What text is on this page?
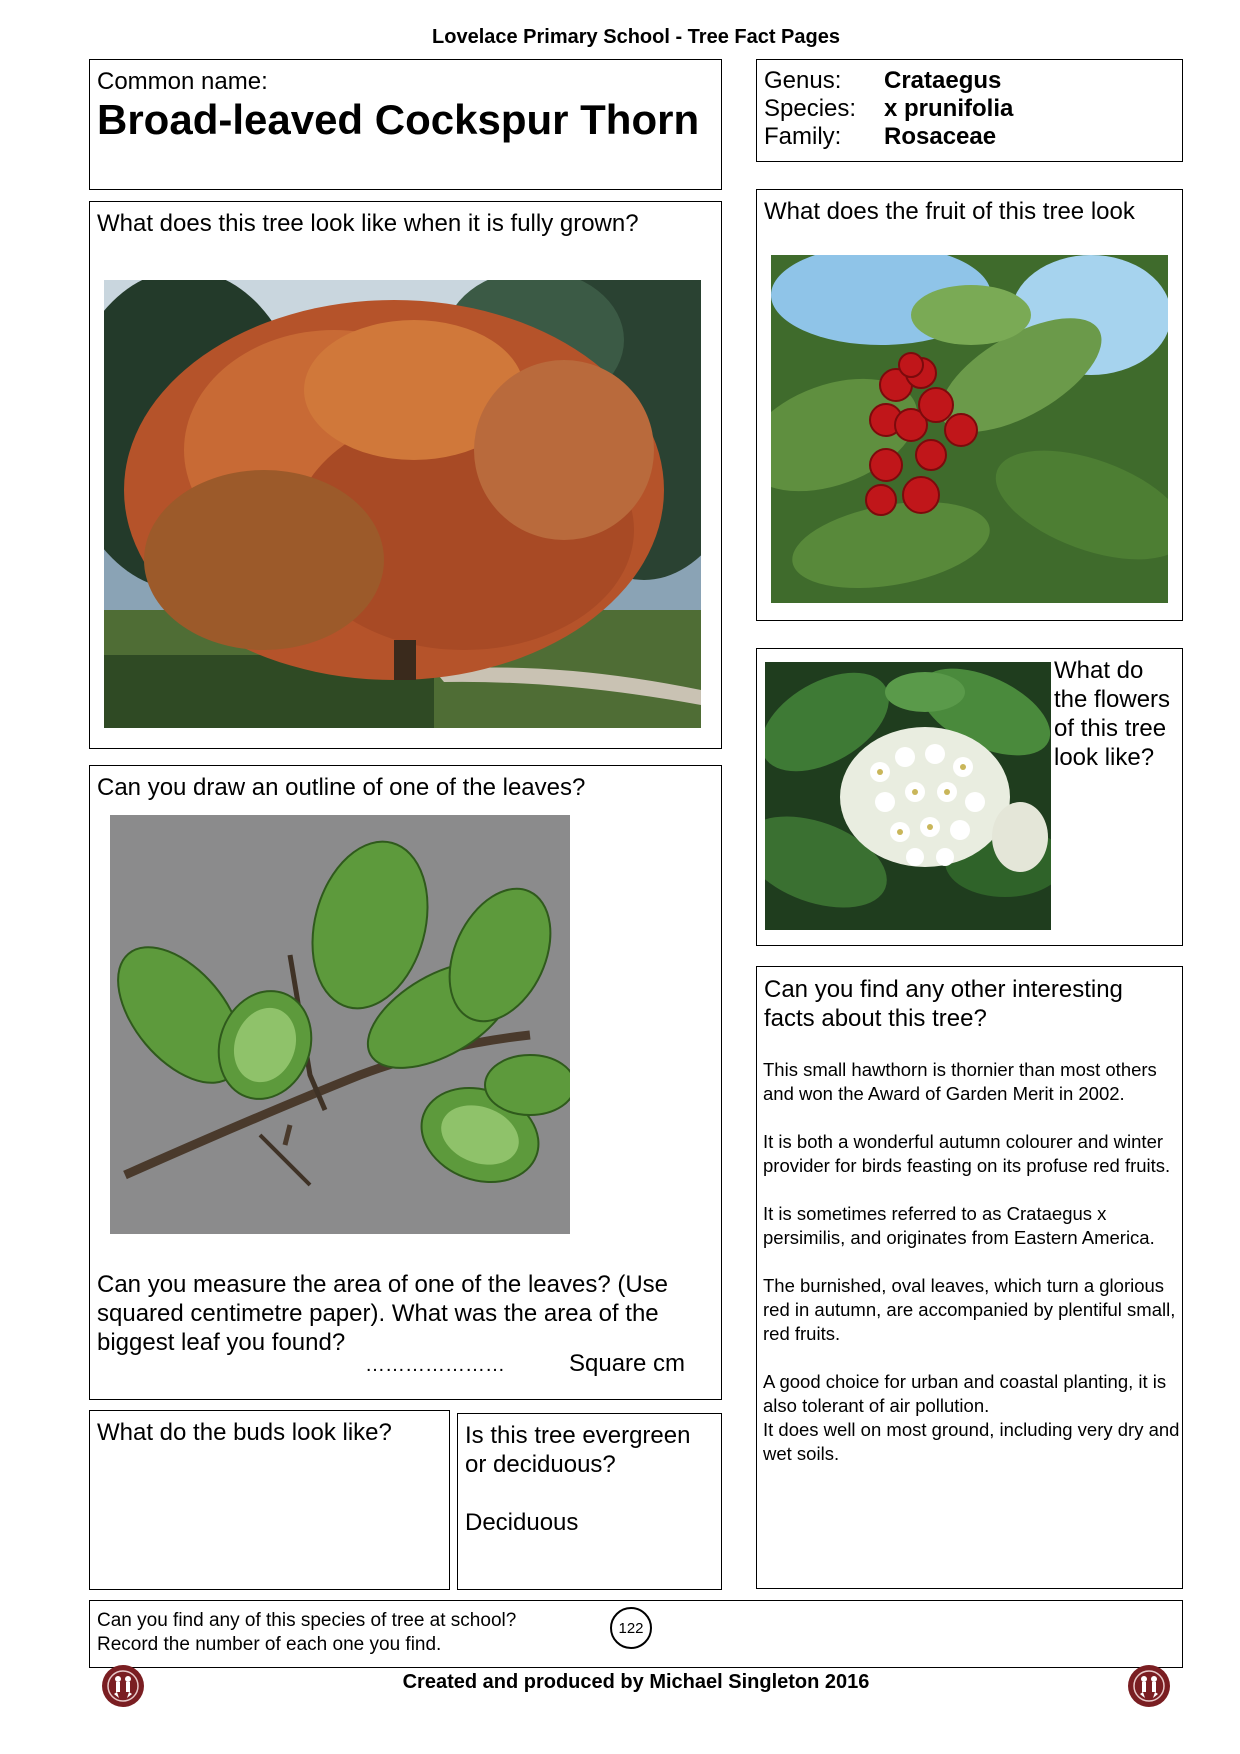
Lovelace Primary School - Tree Fact Pages
Common name:
Broad-leaved Cockspur Thorn
Genus: Crataegus
Species: x prunifolia
Family: Rosaceae
What does this tree look like when it is fully grown?	What does the fruit of this tree look
What do the flowers of this tree look like?
Can you draw an outline of one of the leaves?
Can you measure the area of one of the leaves? (Use squared centimetre paper). What was the area of the biggest leaf you found?
…………………	Square cm
Can you find any other interesting facts about this tree?

This small hawthorn is thornier than most others and won the Award of Garden Merit in 2002.

It is both a wonderful autumn colourer and winter provider for birds feasting on its profuse red fruits.

It is sometimes referred to as Crataegus x persimilis, and originates from Eastern America.

The burnished, oval leaves, which turn a glorious red in autumn, are accompanied by plentiful small, red fruits.

A good choice for urban and coastal planting, it is also tolerant of air pollution.
It does well on most ground, including very dry and wet soils.

What do the buds look like?	Is this tree evergreen or deciduous?
Deciduous
Can you find any of this species of tree at school?
Record the number of each one you find.
122
Created and produced by Michael Singleton 2016
